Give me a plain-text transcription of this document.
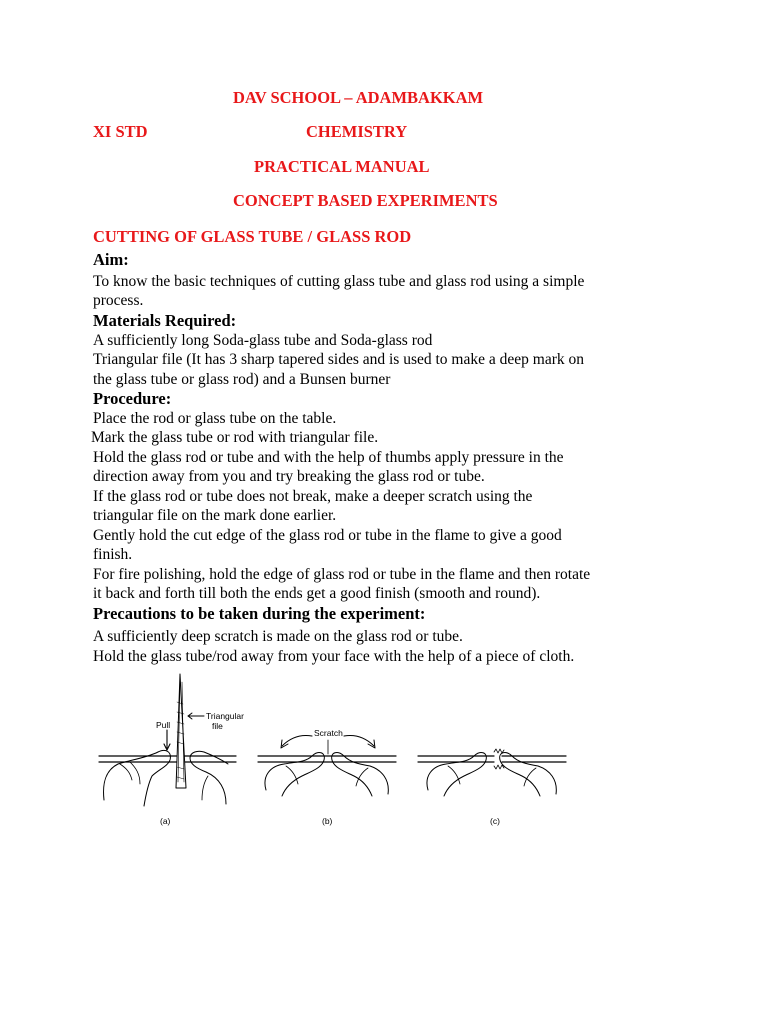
DAV SCHOOL – ADAMBAKKAM
XI STD	CHEMISTRY
PRACTICAL MANUAL
CONCEPT BASED EXPERIMENTS
CUTTING OF GLASS TUBE / GLASS ROD
Aim:
To know the basic techniques of cutting glass tube and glass rod using a simple
process.
Materials Required:
A sufficiently long Soda-glass tube and Soda-glass rod
Triangular file (It has 3 sharp tapered sides and is used to make a deep mark on
the glass tube or glass rod) and a Bunsen burner
Procedure:
Place the rod or glass tube on the table.
Mark the glass tube or rod with triangular file.
Hold the glass rod or tube and with the help of thumbs apply pressure in the
direction away from you and try breaking the glass rod or tube.
If the glass rod or tube does not break, make a deeper scratch using the
triangular file on the mark done earlier.
Gently hold the cut edge of the glass rod or tube in the flame to give a good
finish.
For fire polishing, hold the edge of glass rod or tube in the flame and then rotate
it back and forth till both the ends get a good finish (smooth and round).
Precautions to be taken during the experiment:
A sufficiently deep scratch is made on the glass rod or tube.
Hold the glass tube/rod away from your face with the help of a piece of cloth.
Pull
Triangular
file
(a)
Scratch
(b)	(c)
